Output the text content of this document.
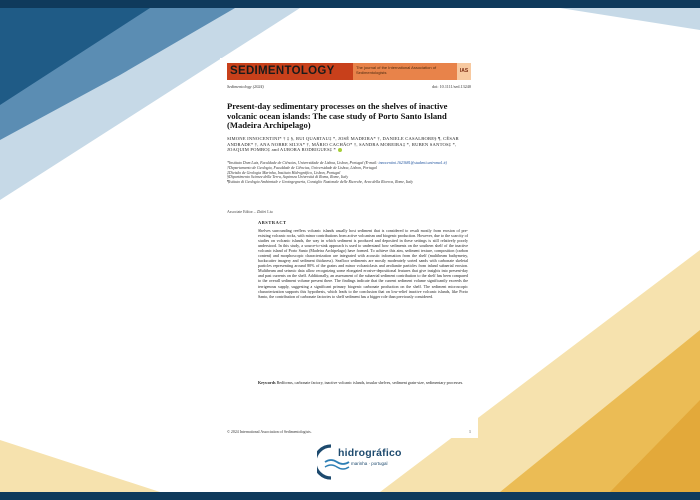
SEDIMENTOLOGY	The journal of the International Association of Sedimentologists	IAS
Sedimentology (2024)	doi: 10.1111/sed.13240
Present-day sedimentary processes on the shelves of inactive volcanic ocean islands: The case study of Porto Santo Island (Madeira Archipelago)
SIMONE INNOCENTINI* † ‡ §, RUI QUARTAU‡ *, JOSÉ MADEIRA* †, DANIELE CASALBORE§ ¶, CÉSAR ANDRADE* †, ANA NOBRE SILVA* †, MÁRIO CACHÃO* †, SANDRA MOREIRA‡ *, RUBEN SANTOS‡ *, JOAQUIM POMBO‡ and AURORA RODRIGUES‡ *
*Instituto Dom Luiz, Faculdade de Ciências, Universidade de Lisboa, Lisbon, Portugal (E-mail: innocentini.1623681@studenti.uniroma1.it)
†Departamento de Geologia, Faculdade de Ciências, Universidade de Lisboa, Lisbon, Portugal
‡Divisão de Geologia Marinha, Instituto Hidrográfico, Lisbon, Portugal
§Dipartimento Scienze della Terra, Sapienza Università di Roma, Rome, Italy
¶Istituto di Geologia Ambientale e Geoingegneria, Consiglio Nazionale delle Ricerche, Area della Ricerca, Rome, Italy
Associate Editor – Zhifei Liu
ABSTRACT

Shelves surrounding reefless volcanic islands usually host sediment that is considered to result mostly from erosion of pre-existing volcanic rocks, with minor contributions from active volcanism and biogenic production. However, due to the scarcity of studies on volcanic islands, the way in which sediment is produced and deposited in these settings is still relatively poorly understood. In this study, a source-to-sink approach is used to understand how sediments on the southern shelf of the inactive volcanic island of Porto Santo (Madeira Archipelago) have formed. To achieve this aim, sediment texture, composition (carbon content) and morphoscopic characterization are integrated with acoustic information from the shelf (multibeam bathymetry, backscatter imagery and sediment thickness). Seafloor sediments are mostly moderately sorted sands with carbonate skeletal particles representing around 80% of the grains and minor volcaniclasts and aeolianite particles from inland subaerial erosion. Multibeam and seismic data allow recognizing some elongated erosive-depositional features that give insights into present-day and past currents on the shelf. Additionally, an assessment of the subaerial sediment contribution to the shelf has been compared to the overall sediment volume present there. The findings indicate that the current sediment volume significantly exceeds the terrigenous supply, suggesting a significant primary biogenic carbonate production on the shelf. The sediment microscopic characterization supports this hypothesis, which leads to the conclusion that on low-relief inactive volcanic islands, like Porto Santo, the contribution of carbonate factories to shelf sediment has a bigger role than previously considered.

Keywords Bedforms, carbonate factory, inactive volcanic islands, insular shelves, sediment grain-size, sedimentary processes.

© 2024 International Association of Sedimentologists.	1
hidrográfico
marinha · portugal
